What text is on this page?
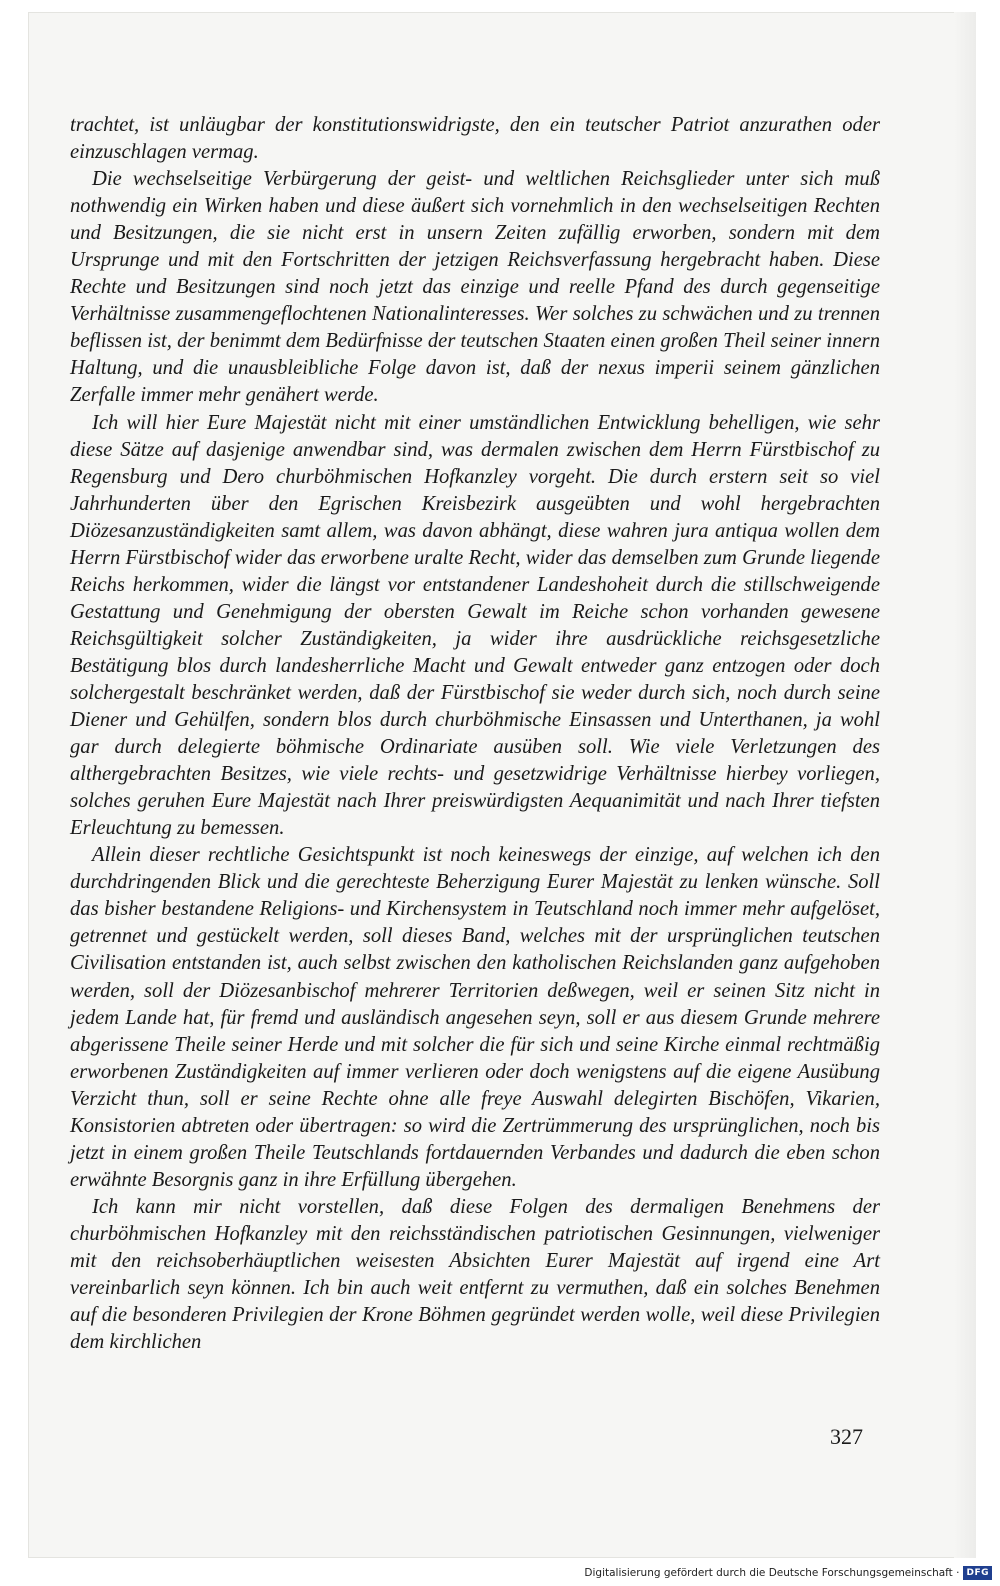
trachtet, ist unläugbar der konstitutionswidrigste, den ein teutscher Patriot anzurathen oder einzuschlagen vermag.

Die wechselseitige Verbürgerung der geist- und weltlichen Reichsglieder unter sich muß nothwendig ein Wirken haben und diese äußert sich vornehmlich in den wechselseitigen Rechten und Besitzungen, die sie nicht erst in unsern Zeiten zufällig erworben, sondern mit dem Ursprunge und mit den Fortschritten der jetzigen Reichsverfassung hergebracht haben. Diese Rechte und Besitzungen sind noch jetzt das einzige und reelle Pfand des durch gegenseitige Verhältnisse zusammengeflochtenen Nationalinteresses. Wer solches zu schwächen und zu trennen beflissen ist, der benimmt dem Bedürfnisse der teutschen Staaten einen großen Theil seiner innern Haltung, und die unausbleibliche Folge davon ist, daß der nexus imperii seinem gänzlichen Zerfalle immer mehr genähert werde.

Ich will hier Eure Majestät nicht mit einer umständlichen Entwicklung behelligen, wie sehr diese Sätze auf dasjenige anwendbar sind, was dermalen zwischen dem Herrn Fürstbischof zu Regensburg und Dero churböhmischen Hofkanzley vorgeht. Die durch erstern seit so viel Jahrhunderten über den Egrischen Kreisbezirk ausgeübten und wohl hergebrachten Diözesanzuständigkeiten samt allem, was davon abhängt, diese wahren jura antiqua wollen dem Herrn Fürstbischof wider das erworbene uralte Recht, wider das demselben zum Grunde liegende Reichs herkommen, wider die längst vor entstandener Landeshoheit durch die stillschweigende Gestattung und Genehmigung der obersten Gewalt im Reiche schon vorhanden gewesene Reichsgültigkeit solcher Zuständigkeiten, ja wider ihre ausdrückliche reichsgesetzliche Bestätigung blos durch landesherrliche Macht und Gewalt entweder ganz entzogen oder doch solchergestalt beschränket werden, daß der Fürstbischof sie weder durch sich, noch durch seine Diener und Gehülfen, sondern blos durch churböhmische Einsassen und Unterthanen, ja wohl gar durch delegierte böhmische Ordinariate ausüben soll. Wie viele Verletzungen des althergebrachten Besitzes, wie viele rechts- und gesetzwidrige Verhältnisse hierbey vorliegen, solches geruhen Eure Majestät nach Ihrer preiswürdigsten Aequanimität und nach Ihrer tiefsten Erleuchtung zu bemessen.

Allein dieser rechtliche Gesichtspunkt ist noch keineswegs der einzige, auf welchen ich den durchdringenden Blick und die gerechteste Beherzigung Eurer Majestät zu lenken wünsche. Soll das bisher bestandene Religions- und Kirchensystem in Teutschland noch immer mehr aufgelöset, getrennet und gestückelt werden, soll dieses Band, welches mit der ursprünglichen teutschen Civilisation entstanden ist, auch selbst zwischen den katholischen Reichslanden ganz aufgehoben werden, soll der Diözesanbischof mehrerer Territorien deßwegen, weil er seinen Sitz nicht in jedem Lande hat, für fremd und ausländisch angesehen seyn, soll er aus diesem Grunde mehrere abgerissene Theile seiner Herde und mit solcher die für sich und seine Kirche einmal rechtmäßig erworbenen Zuständigkeiten auf immer verlieren oder doch wenigstens auf die eigene Ausübung Verzicht thun, soll er seine Rechte ohne alle freye Auswahl delegirten Bischöfen, Vikarien, Konsistorien abtreten oder übertragen: so wird die Zertrümmerung des ursprünglichen, noch bis jetzt in einem großen Theile Teutschlands fortdauernden Verbandes und dadurch die eben schon erwähnte Besorgnis ganz in ihre Erfüllung übergehen.

Ich kann mir nicht vorstellen, daß diese Folgen des dermaligen Benehmens der churböhmischen Hofkanzley mit den reichsständischen patriotischen Gesinnungen, vielweniger mit den reichsoberhäuptlichen weisesten Absichten Eurer Majestät auf irgend eine Art vereinbarlich seyn können. Ich bin auch weit entfernt zu vermuthen, daß ein solches Benehmen auf die besonderen Privilegien der Krone Böhmen gegründet werden wolle, weil diese Privilegien dem kirchlichen

327
Digitalisierung gefördert durch die Deutsche Forschungsgemeinschaft · DFG
